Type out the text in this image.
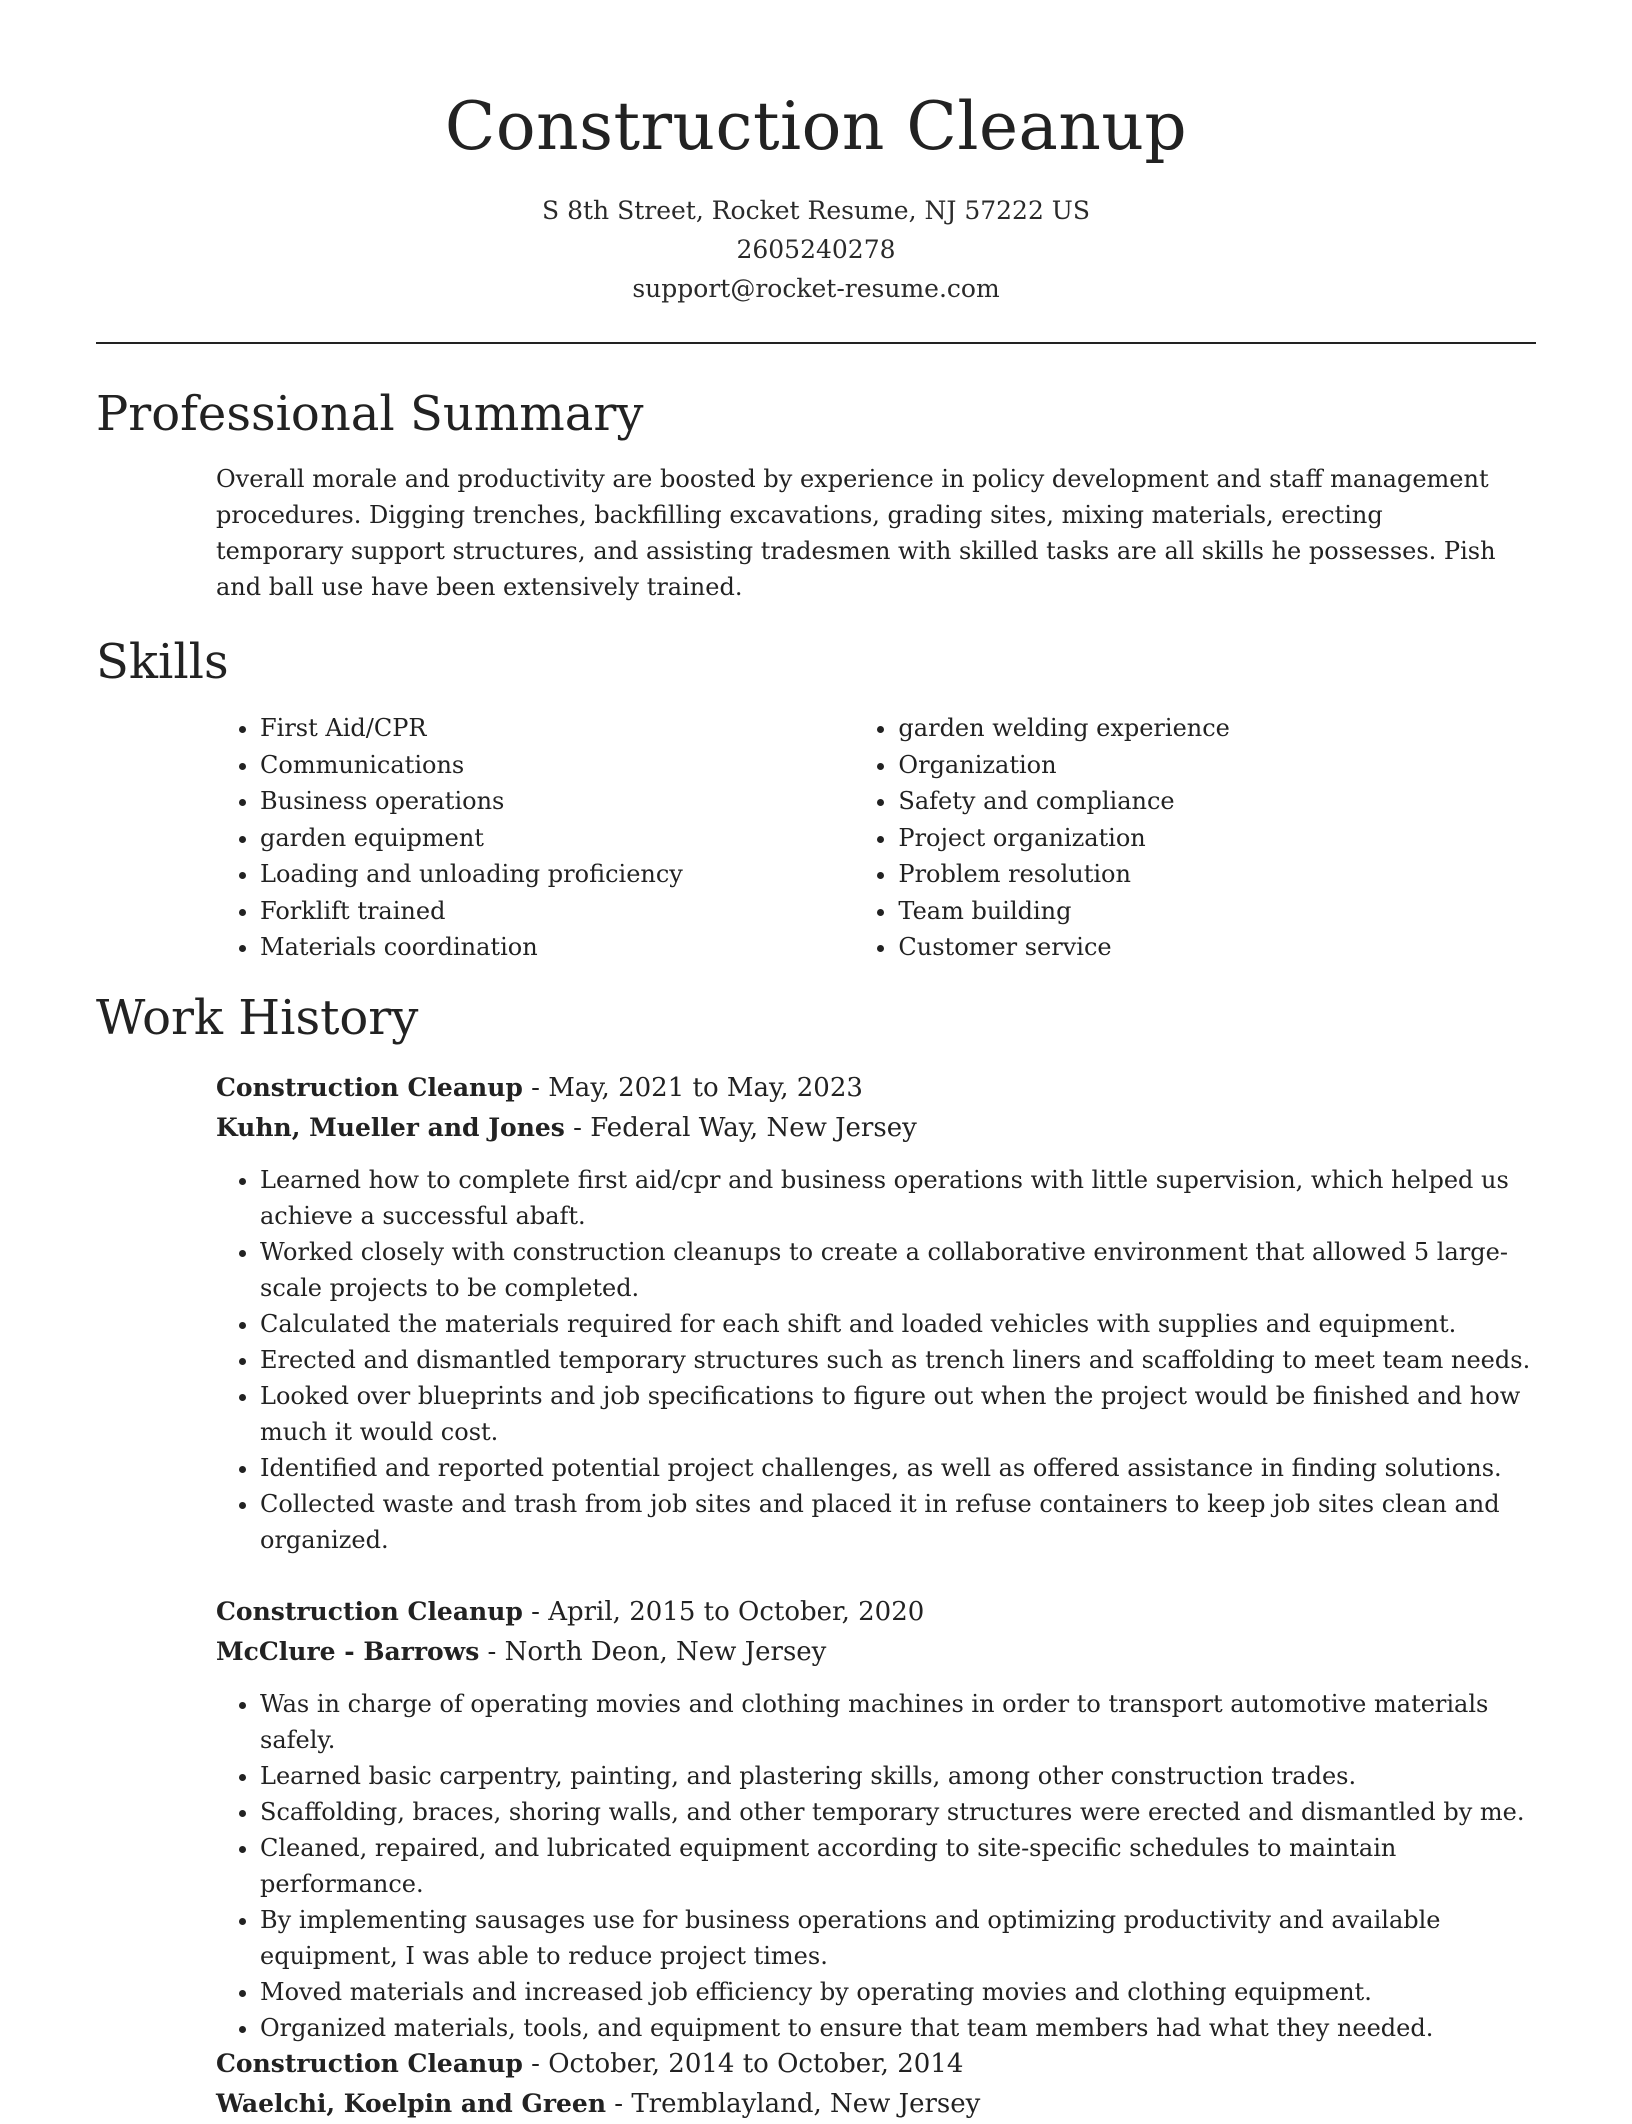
Construction Cleanup
S 8th Street, Rocket Resume, NJ 57222 US
2605240278
support@rocket-resume.com
Professional Summary

Overall morale and productivity are boosted by experience in policy development and staff management procedures. Digging trenches, backfilling excavations, grading sites, mixing materials, erecting temporary support structures, and assisting tradesmen with skilled tasks are all skills he possesses. Pish and ball use have been extensively trained.

Skills
• First Aid/CPR
• Communications
• Business operations
• garden equipment
• Loading and unloading proficiency
• Forklift trained
• Materials coordination
• garden welding experience
• Organization
• Safety and compliance
• Project organization
• Problem resolution
• Team building
• Customer service
Work History
Construction Cleanup - May, 2021 to May, 2023
Kuhn, Mueller and Jones - Federal Way, New Jersey
• Learned how to complete first aid/cpr and business operations with little supervision, which helped us achieve a successful abaft.
• Worked closely with construction cleanups to create a collaborative environment that allowed 5 large-scale projects to be completed.
• Calculated the materials required for each shift and loaded vehicles with supplies and equipment.
• Erected and dismantled temporary structures such as trench liners and scaffolding to meet team needs.
• Looked over blueprints and job specifications to figure out when the project would be finished and how much it would cost.
• Identified and reported potential project challenges, as well as offered assistance in finding solutions.
• Collected waste and trash from job sites and placed it in refuse containers to keep job sites clean and organized.
Construction Cleanup - April, 2015 to October, 2020
McClure - Barrows - North Deon, New Jersey
• Was in charge of operating movies and clothing machines in order to transport automotive materials safely.
• Learned basic carpentry, painting, and plastering skills, among other construction trades.
• Scaffolding, braces, shoring walls, and other temporary structures were erected and dismantled by me.
• Cleaned, repaired, and lubricated equipment according to site-specific schedules to maintain performance.
• By implementing sausages use for business operations and optimizing productivity and available equipment, I was able to reduce project times.
• Moved materials and increased job efficiency by operating movies and clothing equipment.
• Organized materials, tools, and equipment to ensure that team members had what they needed.
Construction Cleanup - October, 2014 to October, 2014
Waelchi, Koelpin and Green - Tremblayland, New Jersey
